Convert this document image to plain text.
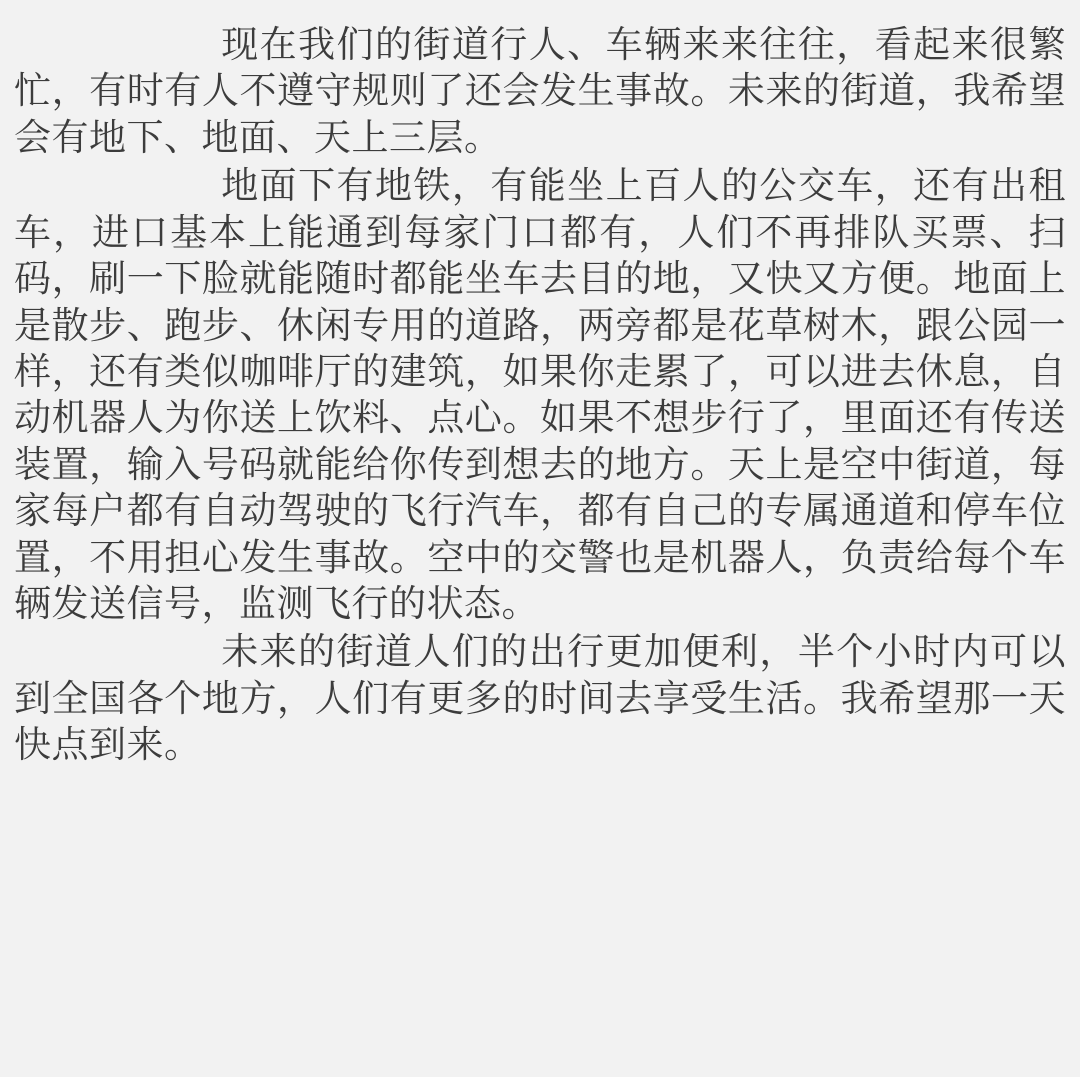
现在我们的街道行人、车辆来来往往，看起来很繁忙，有时有人不遵守规则了还会发生事故。未来的街道，我希望会有地下、地面、天上三层。

地面下有地铁，有能坐上百人的公交车，还有出租车，进口基本上能通到每家门口都有，人们不再排队买票、扫码，刷一下脸就能随时都能坐车去目的地，又快又方便。地面上是散步、跑步、休闲专用的道路，两旁都是花草树木，跟公园一样，还有类似咖啡厅的建筑，如果你走累了，可以进去休息，自动机器人为你送上饮料、点心。如果不想步行了，里面还有传送装置，输入号码就能给你传到想去的地方。天上是空中街道，每家每户都有自动驾驶的飞行汽车，都有自己的专属通道和停车位置，不用担心发生事故。空中的交警也是机器人，负责给每个车辆发送信号，监测飞行的状态。

未来的街道人们的出行更加便利，半个小时内可以到全国各个地方，人们有更多的时间去享受生活。我希望那一天快点到来。
